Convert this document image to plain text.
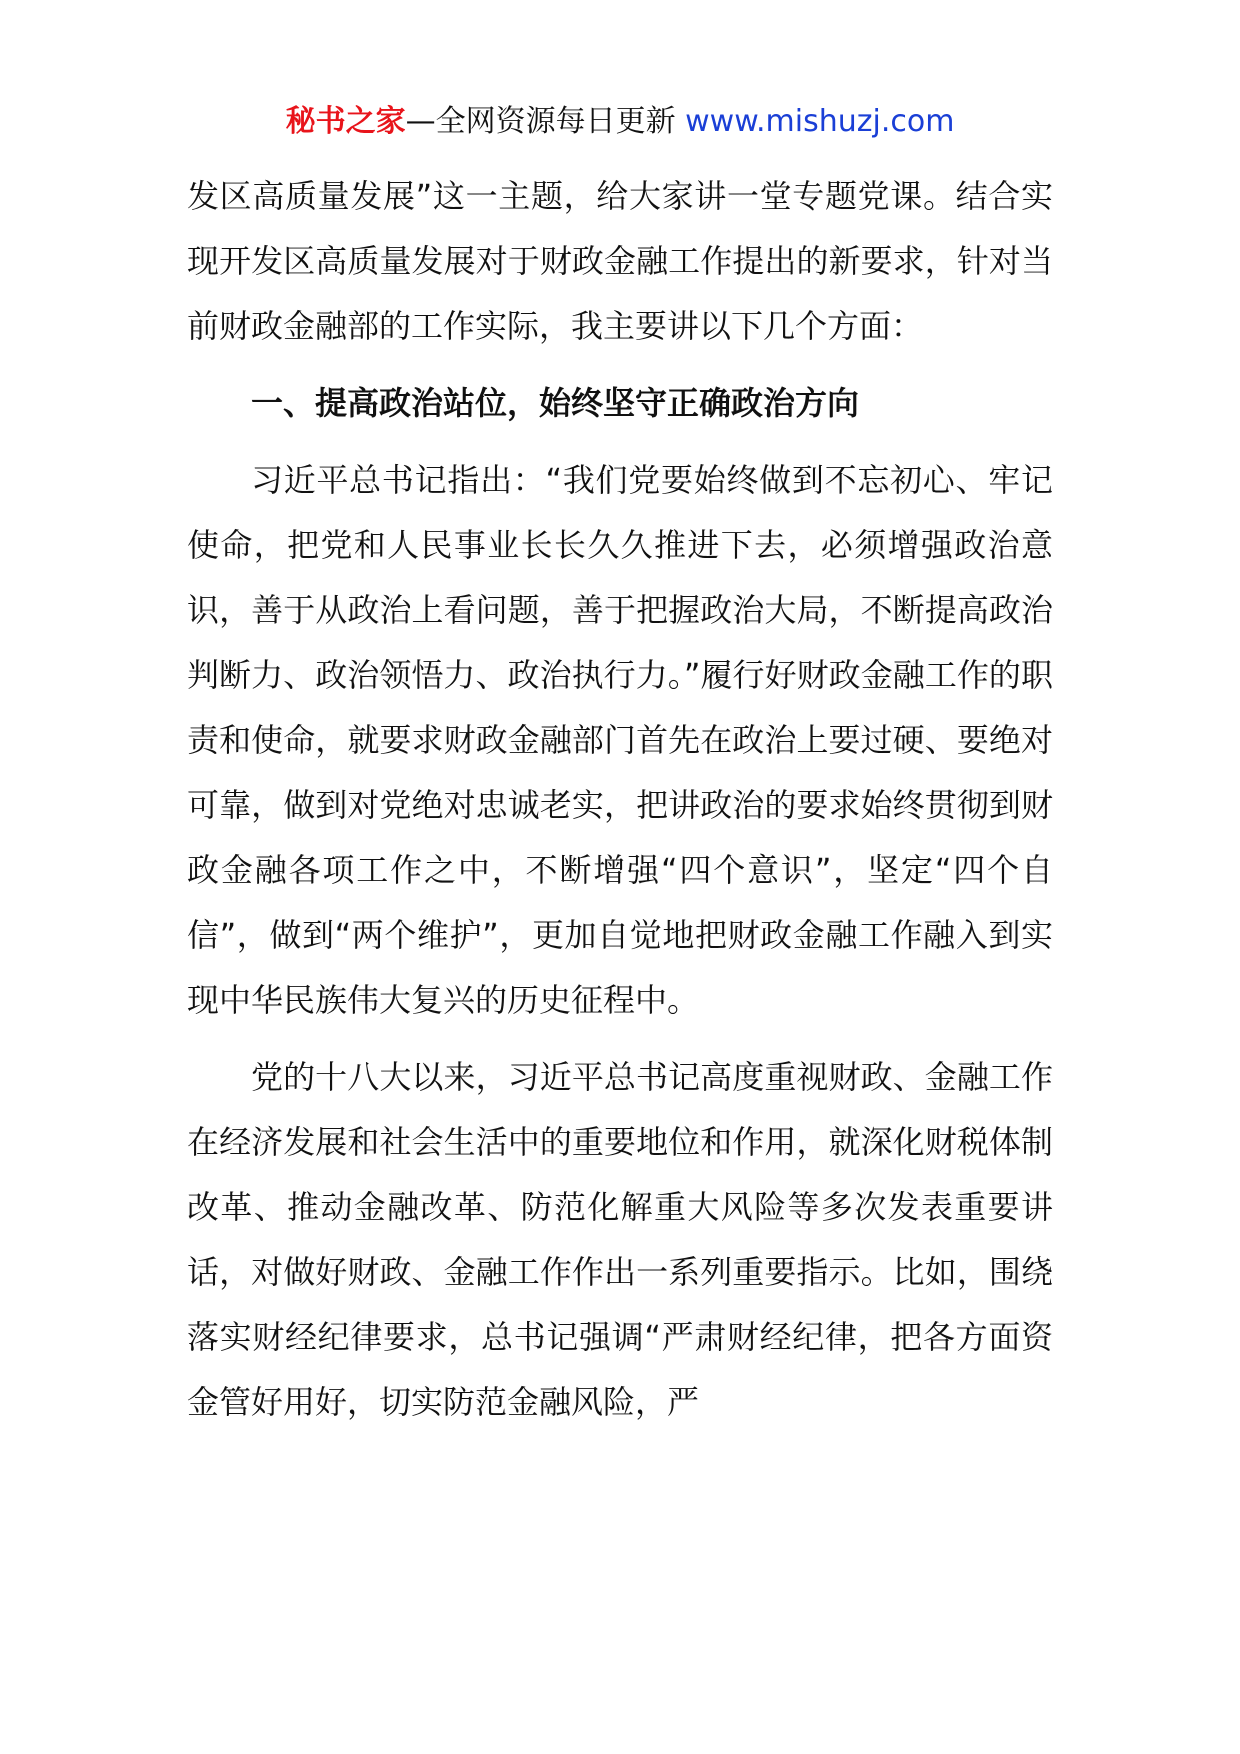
秘书之家—全网资源每日更新 www.mishuzj.com

发区高质量发展”这一主题，给大家讲一堂专题党课。结合实现开发区高质量发展对于财政金融工作提出的新要求，针对当前财政金融部的工作实际，我主要讲以下几个方面：

一、提高政治站位，始终坚守正确政治方向

习近平总书记指出：“我们党要始终做到不忘初心、牢记使命，把党和人民事业长长久久推进下去，必须增强政治意识，善于从政治上看问题，善于把握政治大局，不断提高政治判断力、政治领悟力、政治执行力。”履行好财政金融工作的职责和使命，就要求财政金融部门首先在政治上要过硬、要绝对可靠，做到对党绝对忠诚老实，把讲政治的要求始终贯彻到财政金融各项工作之中，不断增强“四个意识”，坚定“四个自信”，做到“两个维护”，更加自觉地把财政金融工作融入到实现中华民族伟大复兴的历史征程中。

党的十八大以来，习近平总书记高度重视财政、金融工作在经济发展和社会生活中的重要地位和作用，就深化财税体制改革、推动金融改革、防范化解重大风险等多次发表重要讲话，对做好财政、金融工作作出一系列重要指示。比如，围绕落实财经纪律要求，总书记强调“严肃财经纪律，把各方面资金管好用好，切实防范金融风险，严
